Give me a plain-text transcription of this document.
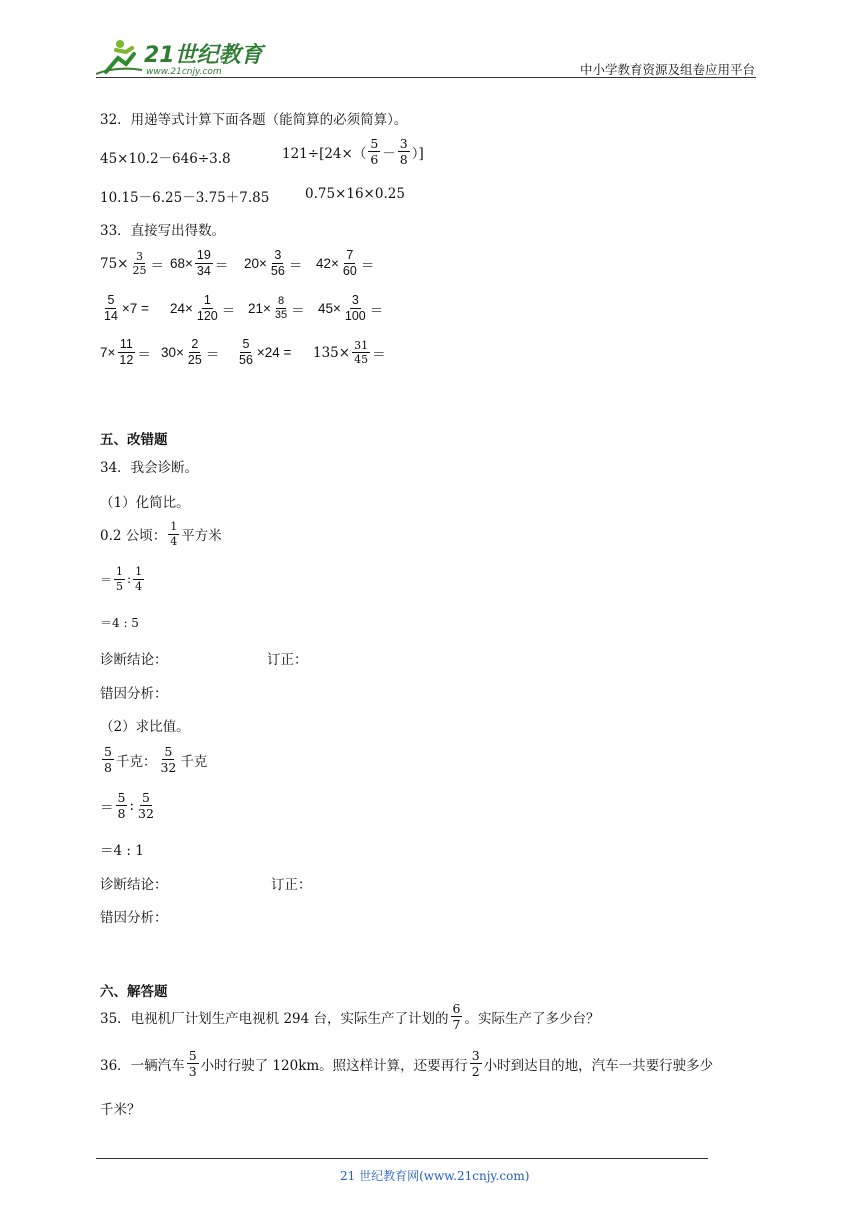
21世纪教育
www.21cnjy.com	中小学教育资源及组卷应用平台
32．用递等式计算下面各题（能简算的必须简算）。
45×10.2－646÷3.8	$121\div[24\times( \frac{5}{6} - \frac{3}{8}$ ）]
10.15－6.25－3.75＋7.85	0.75×16×0.25
33．直接写出得数。
$75\times \frac{3}{25} = 68\times \frac{19}{34} = 20\times \frac{3}{56} = 42\times \frac{7}{60}$ ＝
$\frac{5}{14} \times 7 = 24\times \frac{1}{120} = 21\times \frac{8}{35} = 45\times \frac{3}{100}$ ＝
$7\times \frac{11}{12} = 30\times \frac{2}{25} = \frac{5}{56} \times 24 = 135\times \frac{31}{45}$ ＝
五、改错题
34．我会诊断。
（1）化简比。
0.2 公顷： $\frac{1}{4}$ 平方米
＝ $\frac{1}{5}$ : $\frac{1}{4}$
＝4 : 5
诊断结论：	订正：
错因分析：
（2）求比值。
$\frac{5}{8}$ 千克： $\frac{5}{32}$ 千克
＝ $\frac{5}{8}$ : $\frac{5}{32}$
＝4 : 1
诊断结论：	订正：
错因分析：
六、解答题
35．电视机厂计划生产电视机 294 台，实际生产了计划的 $\frac{6}{7}$ 。实际生产了多少台？
36．一辆汽车 $\frac{5}{3}$ 小时行驶了 120km。照这样计算，还要再行 $\frac{3}{2}$ 小时到达目的地，汽车一共要行驶多少
千米？
21 世纪教育网(www.21cnjy.com)
